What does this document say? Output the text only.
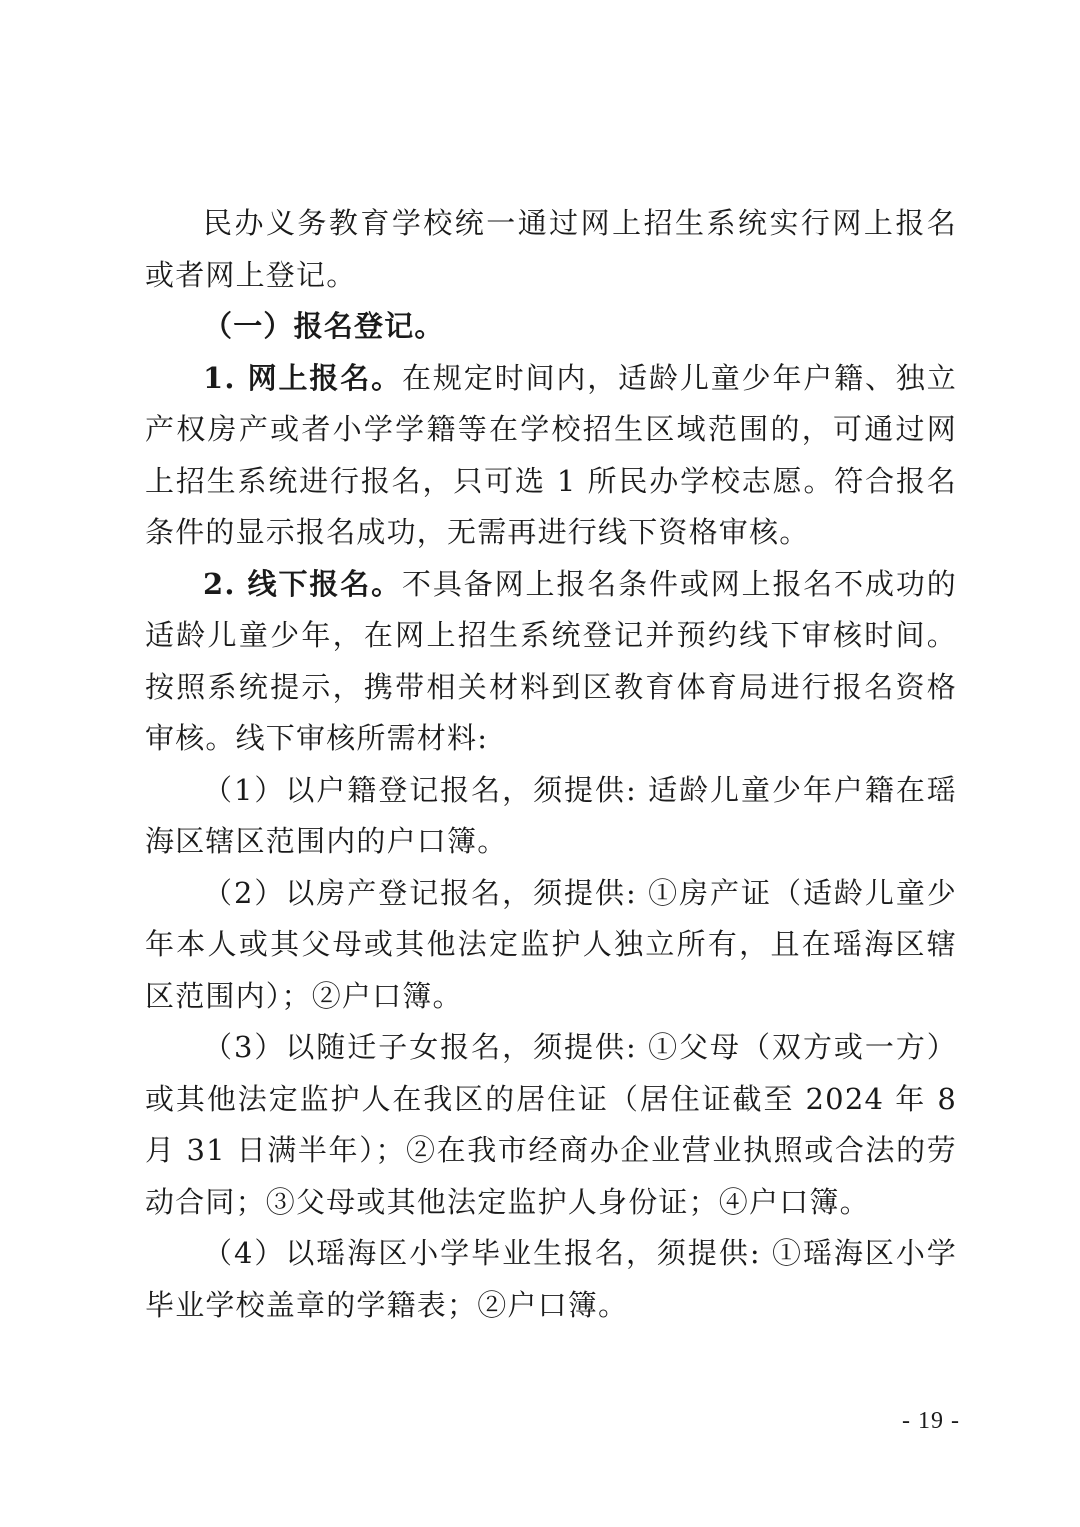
民办义务教育学校统一通过网上招生系统实行网上报名或者网上登记。

（一）报名登记。

1. 网上报名。在规定时间内，适龄儿童少年户籍、独立产权房产或者小学学籍等在学校招生区域范围的，可通过网上招生系统进行报名，只可选 1 所民办学校志愿。符合报名条件的显示报名成功，无需再进行线下资格审核。

2. 线下报名。不具备网上报名条件或网上报名不成功的适龄儿童少年，在网上招生系统登记并预约线下审核时间。按照系统提示，携带相关材料到区教育体育局进行报名资格审核。线下审核所需材料:

（1）以户籍登记报名，须提供: 适龄儿童少年户籍在瑶海区辖区范围内的户口簿。

（2）以房产登记报名，须提供: ①房产证（适龄儿童少年本人或其父母或其他法定监护人独立所有，且在瑶海区辖区范围内）；②户口簿。

（3）以随迁子女报名，须提供: ①父母（双方或一方）或其他法定监护人在我区的居住证（居住证截至 2024 年 8 月 31 日满半年）；②在我市经商办企业营业执照或合法的劳动合同；③父母或其他法定监护人身份证；④户口簿。

（4）以瑶海区小学毕业生报名，须提供: ①瑶海区小学毕业学校盖章的学籍表；②户口簿。

- 19 -
